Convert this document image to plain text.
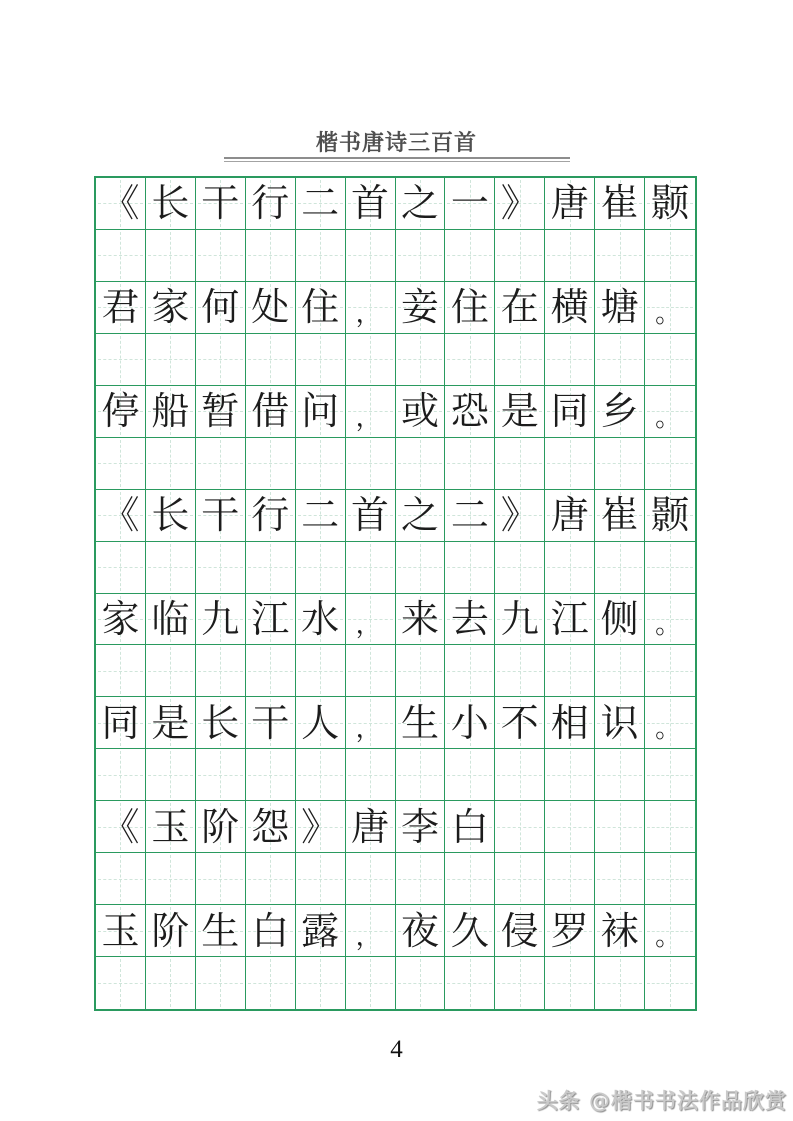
楷书唐诗三百首
《 长 干 行 二 首 之 一 》 唐 崔 颢
君 家 何 处 住 ， 妾 住 在 横 塘 。
停 船 暂 借 问 ， 或 恐 是 同 乡 。
《 长 干 行 二 首 之 二 》 唐 崔 颢
家 临 九 江 水 ， 来 去 九 江 侧 。
同 是 长 干 人 ， 生 小 不 相 识 。
《 玉 阶 怨 》 唐 李 白
玉 阶 生 白 露 ， 夜 久 侵 罗 袜 。
4
头条 @楷书书法作品欣赏
